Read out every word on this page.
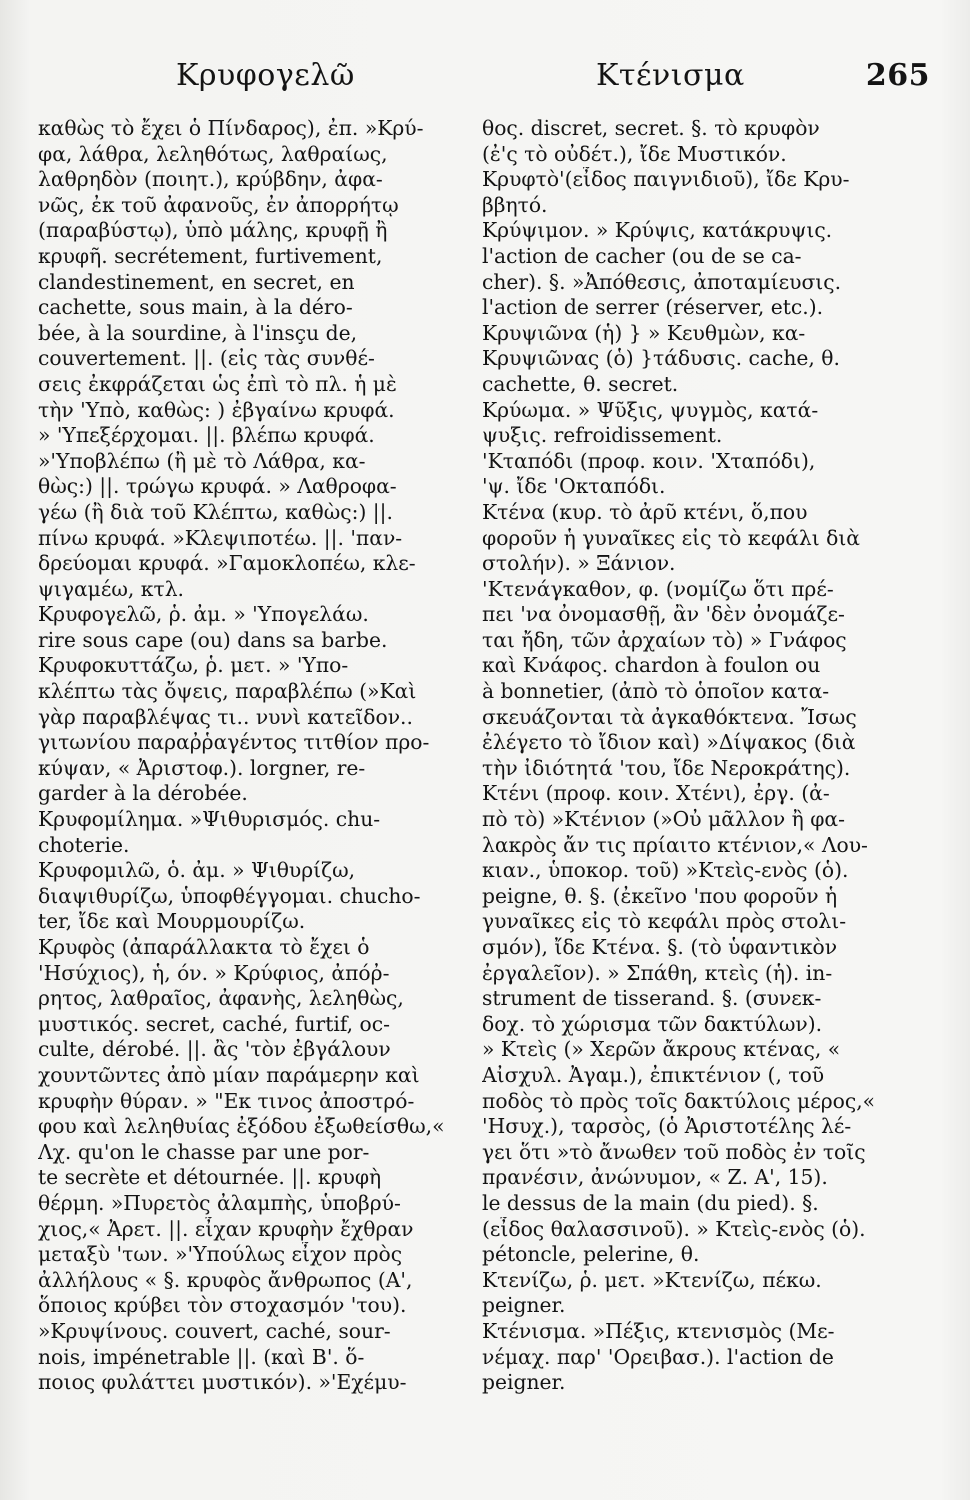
Κρυφογελῶ	Κτένισμα	265
καθὼς τὸ ἔχει ὁ Πίνδαρος), ἐπ. »Κρύ-
φα, λάθρα, λεληθότως, λαθραίως,
λαθρηδὸν (ποιητ.), κρύβδην, ἀφα-
νῶς, ἐκ τοῦ ἀφανοῦς, ἐν ἀπορρήτῳ
(παραβύστῳ), ὑπὸ μάλης, κρυφῇ ἢ
κρυφῆ. secrétement, furtivement,
clandestinement, en secret, en
cachette, sous main, à la déro-
bée, à la sourdine, à l'insçu de,
couvertement. ||. (εἰς τὰς συνθέ-
σεις ἐκφράζεται ὡς ἐπὶ τὸ πλ. ἡ μὲ
τὴν 'Υπὸ, καθὼς: ) ἐβγαίνω κρυφά.
» 'Υπεξέρχομαι. ||. βλέπω κρυφά.
»'Υποβλέπω (ἢ μὲ τὸ Λάθρα, κα-
θὼς:) ||. τρώγω κρυφά. » Λαθροφα-
γέω (ἢ διὰ τοῦ Κλέπτω, καθὼς:) ||.
πίνω κρυφά. »Κλεψιποτέω. ||. 'παν-
δρεύομαι κρυφά. »Γαμοκλοπέω, κλε-
ψιγαμέω, κτλ.
Κρυφογελῶ, ῥ. ἀμ. » 'Υπογελάω.
rire sous cape (ou) dans sa barbe.
Κρυφοκυττάζω, ῥ. μετ. » 'Υπο-
κλέπτω τὰς ὄψεις, παραβλέπω (»Καὶ
γὰρ παραβλέψας τι.. νυνὶ κατεῖδον..
γιτωνίου παραῤῥαγέντος τιτθίον προ-
κύψαν, « Ἀριστοφ.). lorgner, re-
garder à la dérobée.
Κρυφομίλημα. »Ψιθυρισμός. chu-
choterie.
Κρυφομιλῶ, ὁ. ἀμ. » Ψιθυρίζω,
διαψιθυρίζω, ὑποφθέγγομαι. chucho-
ter, ἴδε καὶ Μουρμουρίζω.
Κρυφὸς (ἀπαράλλακτα τὸ ἔχει ὁ
'Ησύχιος), ἡ, όν. » Κρύφιος, ἀπόῤ-
ρητος, λαθραῖος, ἀφανὴς, λεληθὼς,
μυστικός. secret, caché, furtif, oc-
culte, dérobé. ||. ἂς 'τὸν ἐβγάλουν
χουντῶντες ἀπὸ μίαν παράμερην καὶ
κρυφὴν θύραν. » "Εκ τινος ἀποστρό-
φου καὶ λεληθυίας ἐξόδου ἐξωθείσθω,«
Λχ. qu'on le chasse par une por-
te secrète et détournée. ||. κρυφὴ
θέρμη. »Πυρετὸς ἀλαμπὴς, ὑποβρύ-
χιος,« Ἀρετ. ||. εἶχαν κρυφὴν ἔχθραν
μεταξὺ 'των. »'Υπούλως εἶχον πρὸς
ἀλλήλους « §. κρυφὸς ἄνθρωπος (Α',
ὅποιος κρύβει τὸν στοχασμόν 'του).
»Κρυψίνους. couvert, caché, sour-
nois, impénetrable ||. (καὶ Β'. ὅ-
ποιος φυλάττει μυστικόν). »'Εχέμυ-
θος. discret, secret. §. τὸ κρυφὸν
(ἐ'ς τὸ οὐδέτ.), ἴδε Μυστικόν.
Κρυφτὸ'(εἶδος παιγνιδιοῦ), ἴδε Κρυ-
ββητό.
Κρύψιμον. » Κρύψις, κατάκρυψις.
l'action de cacher (ou de se ca-
cher). §. »Ἀπόθεσις, ἀποταμίευσις.
l'action de serrer (réserver, etc.).
Κρυψιῶνα (ἡ) } » Κευθμὼν, κα-
Κρυψιῶνας (ὁ) }τάδυσις. cache, θ.
cachette, θ. secret.
Κρύωμα. » Ψῦξις, ψυγμὸς, κατά-
ψυξις. refroidissement.
'Κταπόδι (προφ. κοιν. 'Χταπόδι),
'ψ. ἴδε 'Οκταπόδι.
Κτένα (κυρ. τὸ ἀρῦ κτένι, ὅ,που
φοροῦν ἡ γυναῖκες εἰς τὸ κεφάλι διὰ
στολήν). » Ξάνιον.
'Κτενάγκαθον, φ. (νομίζω ὅτι πρέ-
πει 'να ὀνομασθῇ, ἂν 'δὲν ὀνομάζε-
ται ἤδη, τῶν ἀρχαίων τὸ) » Γνάφος
καὶ Κνάφος. chardon à foulon ou
à bonnetier, (ἀπὸ τὸ ὁποῖον κατα-
σκευάζονται τὰ ἀγκαθόκτενα. Ἴσως
ἐλέγετο τὸ ἴδιον καὶ) »Δίψακος (διὰ
τὴν ἰδιότητά 'του, ἴδε Νεροκράτης).
Κτένι (προφ. κοιν. Χτένι), ἐργ. (ἀ-
πὸ τὸ) »Κτένιον (»Οὐ μᾶλλον ἢ φα-
λακρὸς ἄν τις πρίαιτο κτένιον,« Λου-
κιαν., ὑποκορ. τοῦ) »Κτεὶς-ενὸς (ὁ).
peigne, θ. §. (ἐκεῖνο 'που φοροῦν ἡ
γυναῖκες εἰς τὸ κεφάλι πρὸς στολι-
σμόν), ἴδε Κτένα. §. (τὸ ὑφαντικὸν
ἐργαλεῖον). » Σπάθη, κτεὶς (ἡ). in-
strument de tisserand. §. (συνεκ-
δοχ. τὸ χώρισμα τῶν δακτύλων).
» Κτεὶς (» Χερῶν ἄκρους κτένας, «
Αἰσχυλ. Ἀγαμ.), ἐπικτένιον (, τοῦ
ποδὸς τὸ πρὸς τοῖς δακτύλοις μέρος,«
'Ησυχ.), ταρσὸς, (ὁ Ἀριστοτέλης λέ-
γει ὅτι »τὸ ἄνωθεν τοῦ ποδὸς ἐν τοῖς
πρανέσιν, ἀνώνυμον, « Ζ. Α', 15).
le dessus de la main (du pied). §.
(εἶδος θαλασσινοῦ). » Κτεὶς-ενὸς (ὁ).
pétoncle, pelerine, θ.
Κτενίζω, ῥ. μετ. »Κτενίζω, πέκω.
peigner.
Κτένισμα. »Πέξις, κτενισμὸς (Με-
νέμαχ. παρ' 'Ορειβασ.). l'action de
peigner.
